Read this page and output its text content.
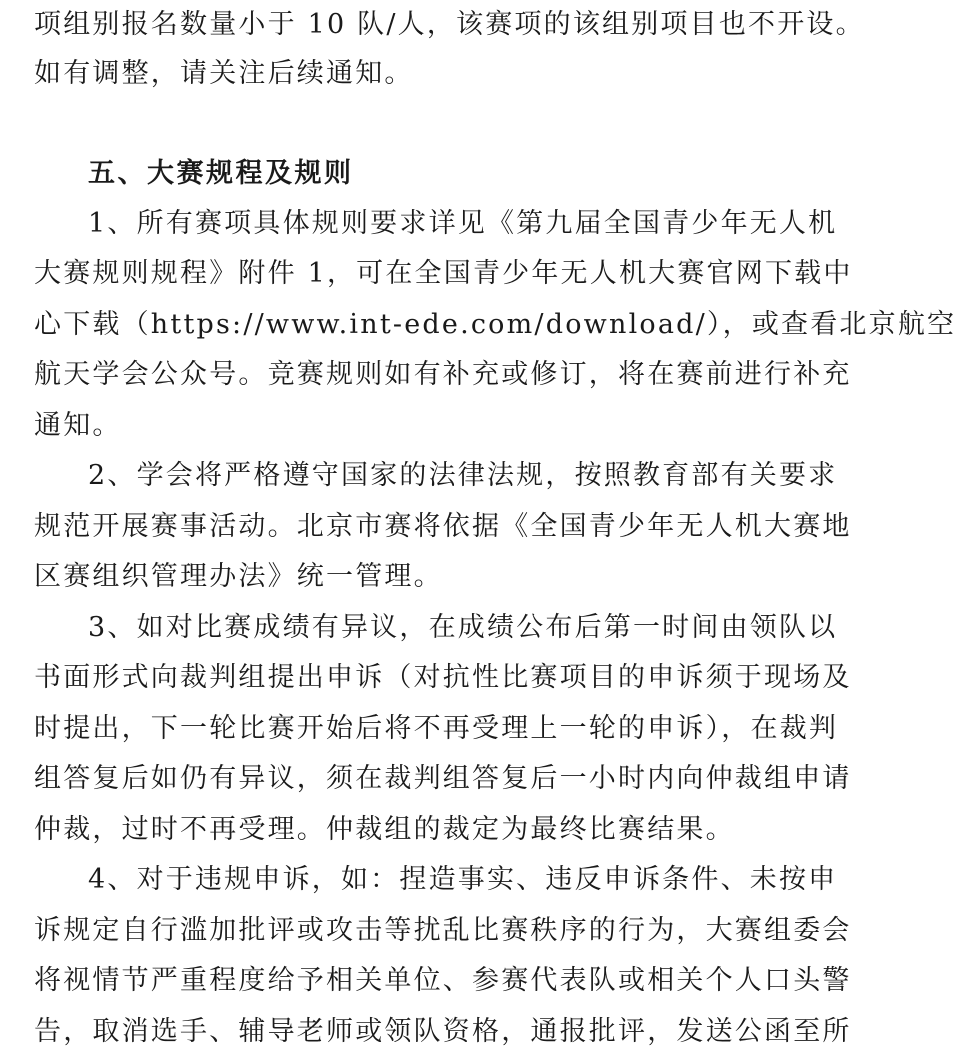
项组别报名数量小于 10 队/人，该赛项的该组别项目也不开设。
如有调整，请关注后续通知。
五、大赛规程及规则
1、所有赛项具体规则要求详见《第九届全国青少年无人机
大赛规则规程》附件 1，可在全国青少年无人机大赛官网下载中
心下载（https://www.int-ede.com/download/），或查看北京航空
航天学会公众号。竞赛规则如有补充或修订，将在赛前进行补充
通知。
2、学会将严格遵守国家的法律法规，按照教育部有关要求
规范开展赛事活动。北京市赛将依据《全国青少年无人机大赛地
区赛组织管理办法》统一管理。
3、如对比赛成绩有异议，在成绩公布后第一时间由领队以
书面形式向裁判组提出申诉（对抗性比赛项目的申诉须于现场及
时提出，下一轮比赛开始后将不再受理上一轮的申诉），在裁判
组答复后如仍有异议，须在裁判组答复后一小时内向仲裁组申请
仲裁，过时不再受理。仲裁组的裁定为最终比赛结果。
4、对于违规申诉，如：捏造事实、违反申诉条件、未按申
诉规定自行滥加批评或攻击等扰乱比赛秩序的行为，大赛组委会
将视情节严重程度给予相关单位、参赛代表队或相关个人口头警
告，取消选手、辅导老师或领队资格，通报批评，发送公函至所
